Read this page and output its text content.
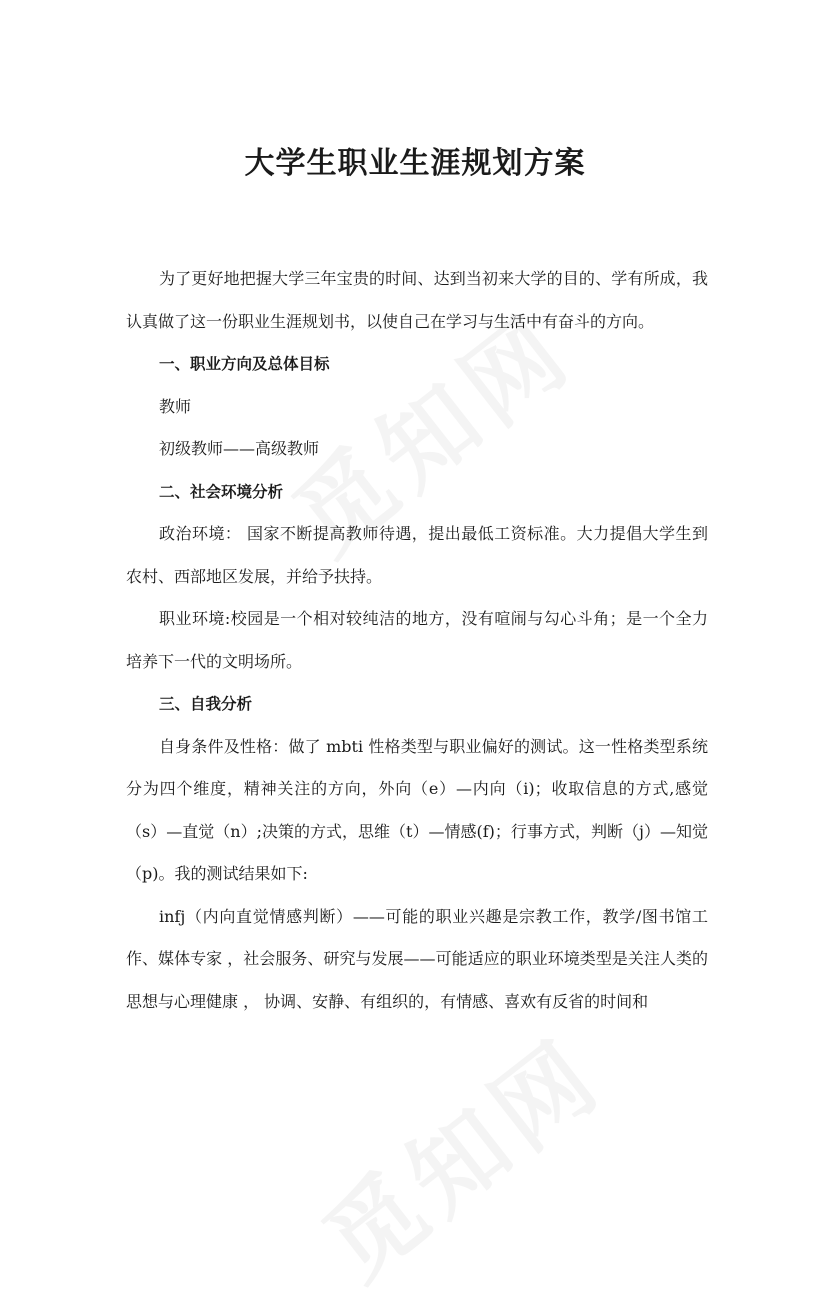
大学生职业生涯规划方案

为了更好地把握大学三年宝贵的时间、达到当初来大学的目的、学有所成，我认真做了这一份职业生涯规划书，以使自己在学习与生活中有奋斗的方向。

一、职业方向及总体目标

教师

初级教师——高级教师

二、社会环境分析

政治环境： 国家不断提高教师待遇，提出最低工资标准。大力提倡大学生到农村、西部地区发展，并给予扶持。

职业环境:校园是一个相对较纯洁的地方，没有喧闹与勾心斗角；是一个全力培养下一代的文明场所。

三、自我分析

自身条件及性格：做了 mbti 性格类型与职业偏好的测试。这一性格类型系统分为四个维度，精神关注的方向，外向（e）—内向（i)；收取信息的方式,感觉（s）—直觉（n）;决策的方式，思维（t）—情感(f)；行事方式，判断（j）—知觉（p)。我的测试结果如下:

infj（内向直觉情感判断）——可能的职业兴趣是宗教工作，教学/图书馆工作、媒体专家 ，社会服务、研究与发展——可能适应的职业环境类型是关注人类的思想与心理健康 ， 协调、安静、有组织的，有情感、喜欢有反省的时间和
